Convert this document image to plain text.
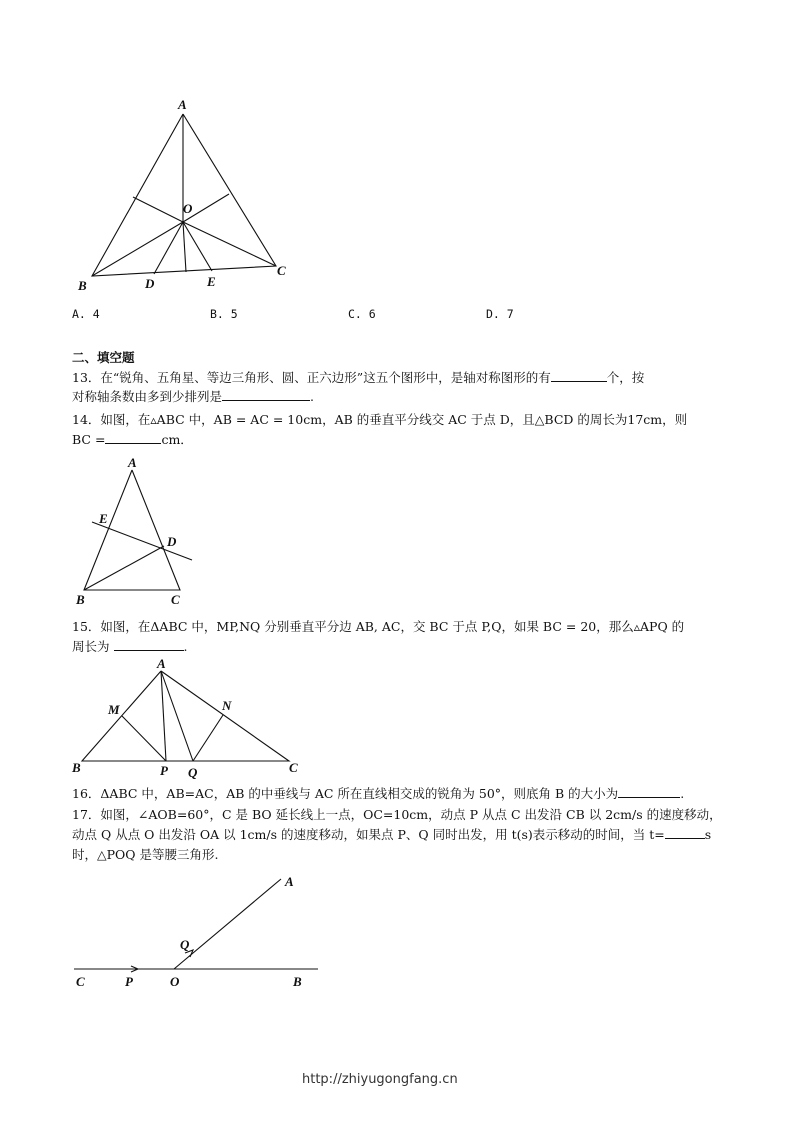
A
O
B	D	E
C
A. 4	B. 5	C. 6	D. 7
二、填空题
13．在“锐角、五角星、等边三角形、圆、正六边形”这五个图形中，是轴对称图形的有	个，按
对称轴条数由多到少排列是	.
14．如图，在▵ABC 中，AB = AC = 10cm，AB 的垂直平分线交 AC 于点 D，且△BCD 的周长为17cm，则
BC =	cm．
A
E
D
B	C
15．如图，在ΔABC 中，MP,NQ 分别垂直平分边 AB, AC，交 BC 于点 P,Q，如果 BC = 20，那么▵APQ 的
周长为	.
A
M	N
B	P Q	C
16．ΔABC 中，AB=AC，AB 的中垂线与 AC 所在直线相交成的锐角为 50°，则底角 B 的大小为	.
17．如图，∠AOB=60°，C 是 BO 延长线上一点，OC=10cm，动点 P 从点 C 出发沿 CB 以 2cm/s 的速度移动，
动点 Q 从点 O 出发沿 OA 以 1cm/s 的速度移动，如果点 P、Q 同时出发，用 t(s)表示移动的时间，当 t=	s
时，△POQ 是等腰三角形.
A
Q
C	P	O	B
http://zhiyugongfang.cn
